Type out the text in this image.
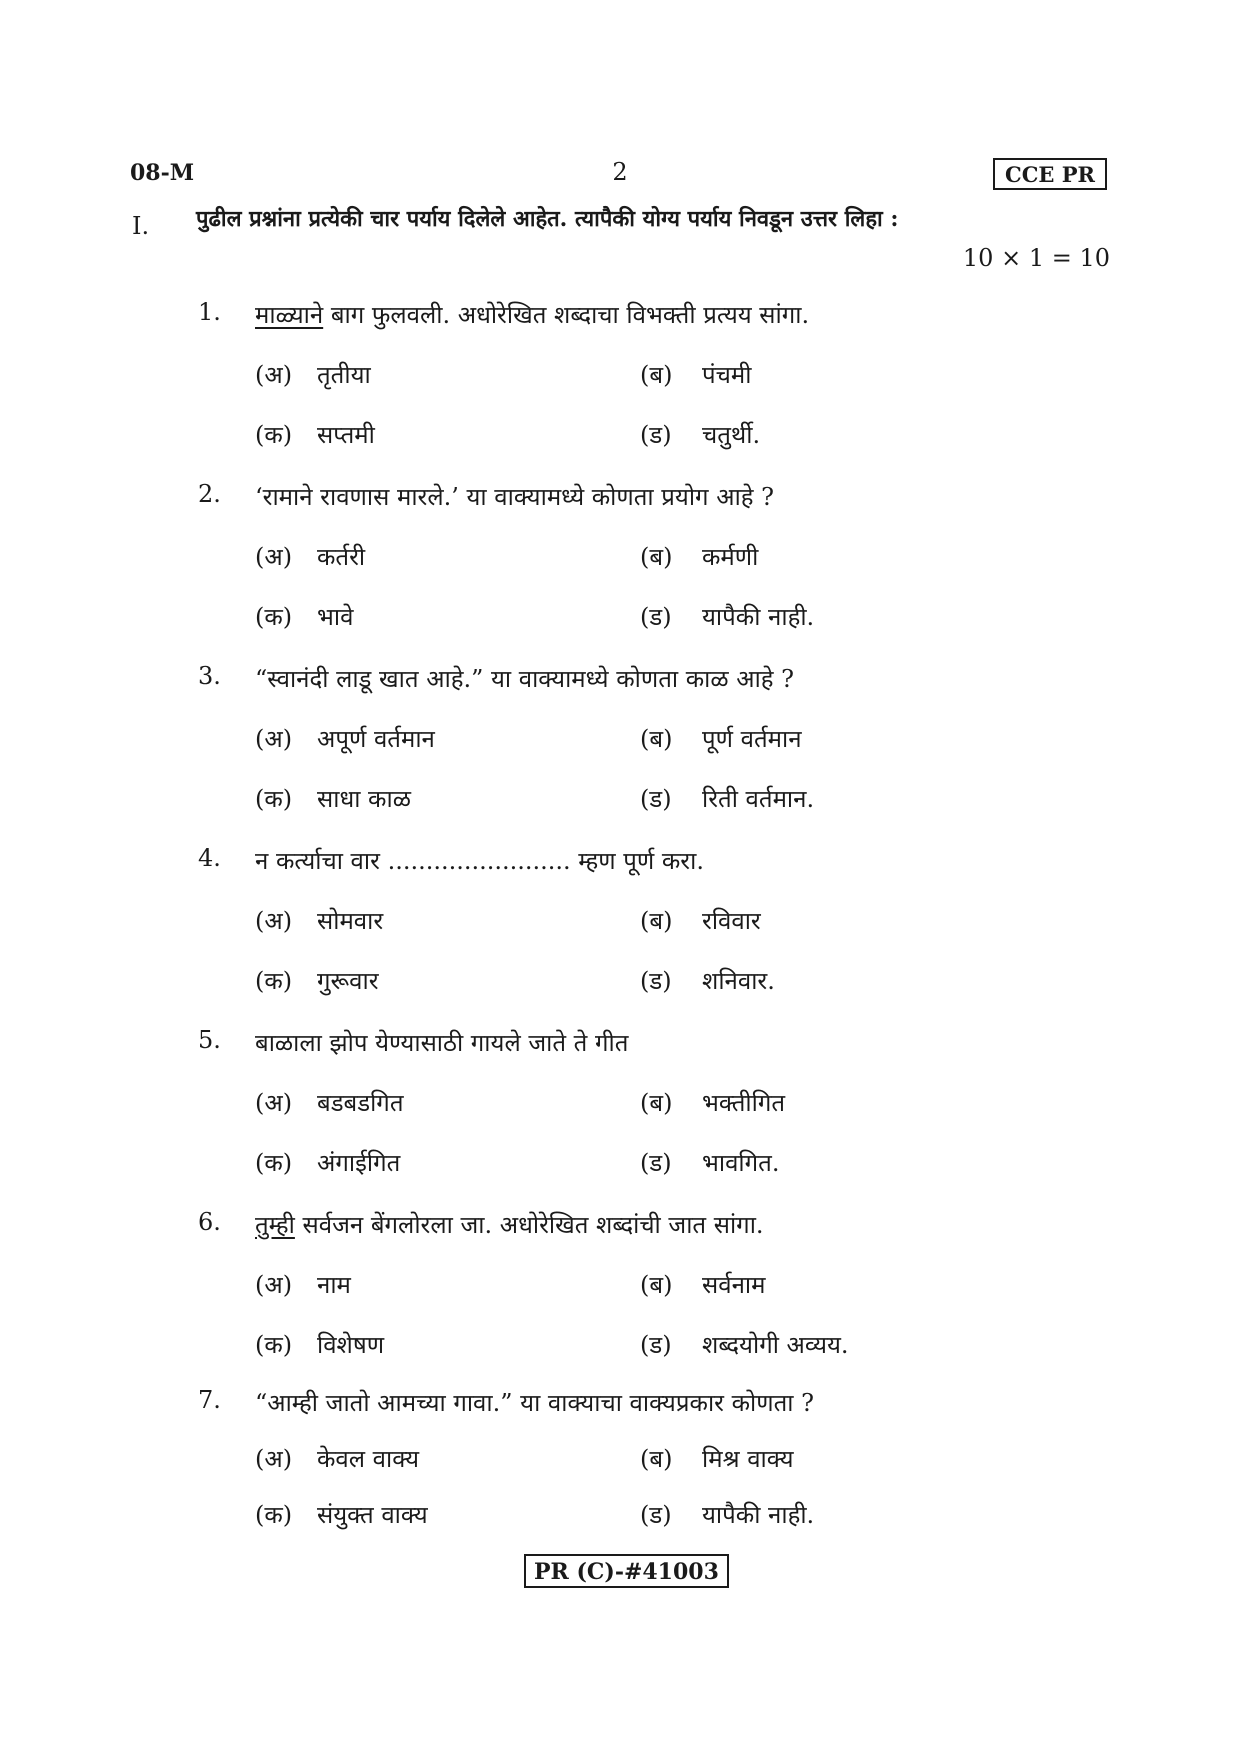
08-M	2	CCE PR
I. पुढील प्रश्नांना प्रत्येकी चार पर्याय दिलेले आहेत. त्यापैकी योग्य पर्याय निवडून उत्तर लिहा :
10 × 1 = 10
1. माळ्याने बाग फुलवली. अधोरेखित शब्दाचा विभक्ती प्रत्यय सांगा.
(अ) तृतीया	(ब) पंचमी
(क) सप्तमी	(ड) चतुर्थी.
2. ‘रामाने रावणास मारले.’ या वाक्यामध्ये कोणता प्रयोग आहे ?
(अ) कर्तरी	(ब) कर्मणी
(क) भावे	(ड) यापैकी नाही.
3. “स्वानंदी लाडू खात आहे.” या वाक्यामध्ये कोणता काळ आहे ?
(अ) अपूर्ण वर्तमान	(ब) पूर्ण वर्तमान
(क) साधा काळ	(ड) रिती वर्तमान.
4. न कर्त्याचा वार ........................ म्हण पूर्ण करा.
(अ) सोमवार	(ब) रविवार
(क) गुरूवार	(ड) शनिवार.
5. बाळाला झोप येण्यासाठी गायले जाते ते गीत
(अ) बडबडगित	(ब) भक्तीगित
(क) अंगाईगित	(ड) भावगित.
6. तुम्ही सर्वजन बेंगलोरला जा. अधोरेखित शब्दांची जात सांगा.
(अ) नाम	(ब) सर्वनाम
(क) विशेषण	(ड) शब्दयोगी अव्यय.
7. “आम्ही जातो आमच्या गावा.” या वाक्याचा वाक्यप्रकार कोणता ?
(अ) केवल वाक्य	(ब) मिश्र वाक्य
(क) संयुक्त वाक्य	(ड) यापैकी नाही.
PR (C)-#41003
